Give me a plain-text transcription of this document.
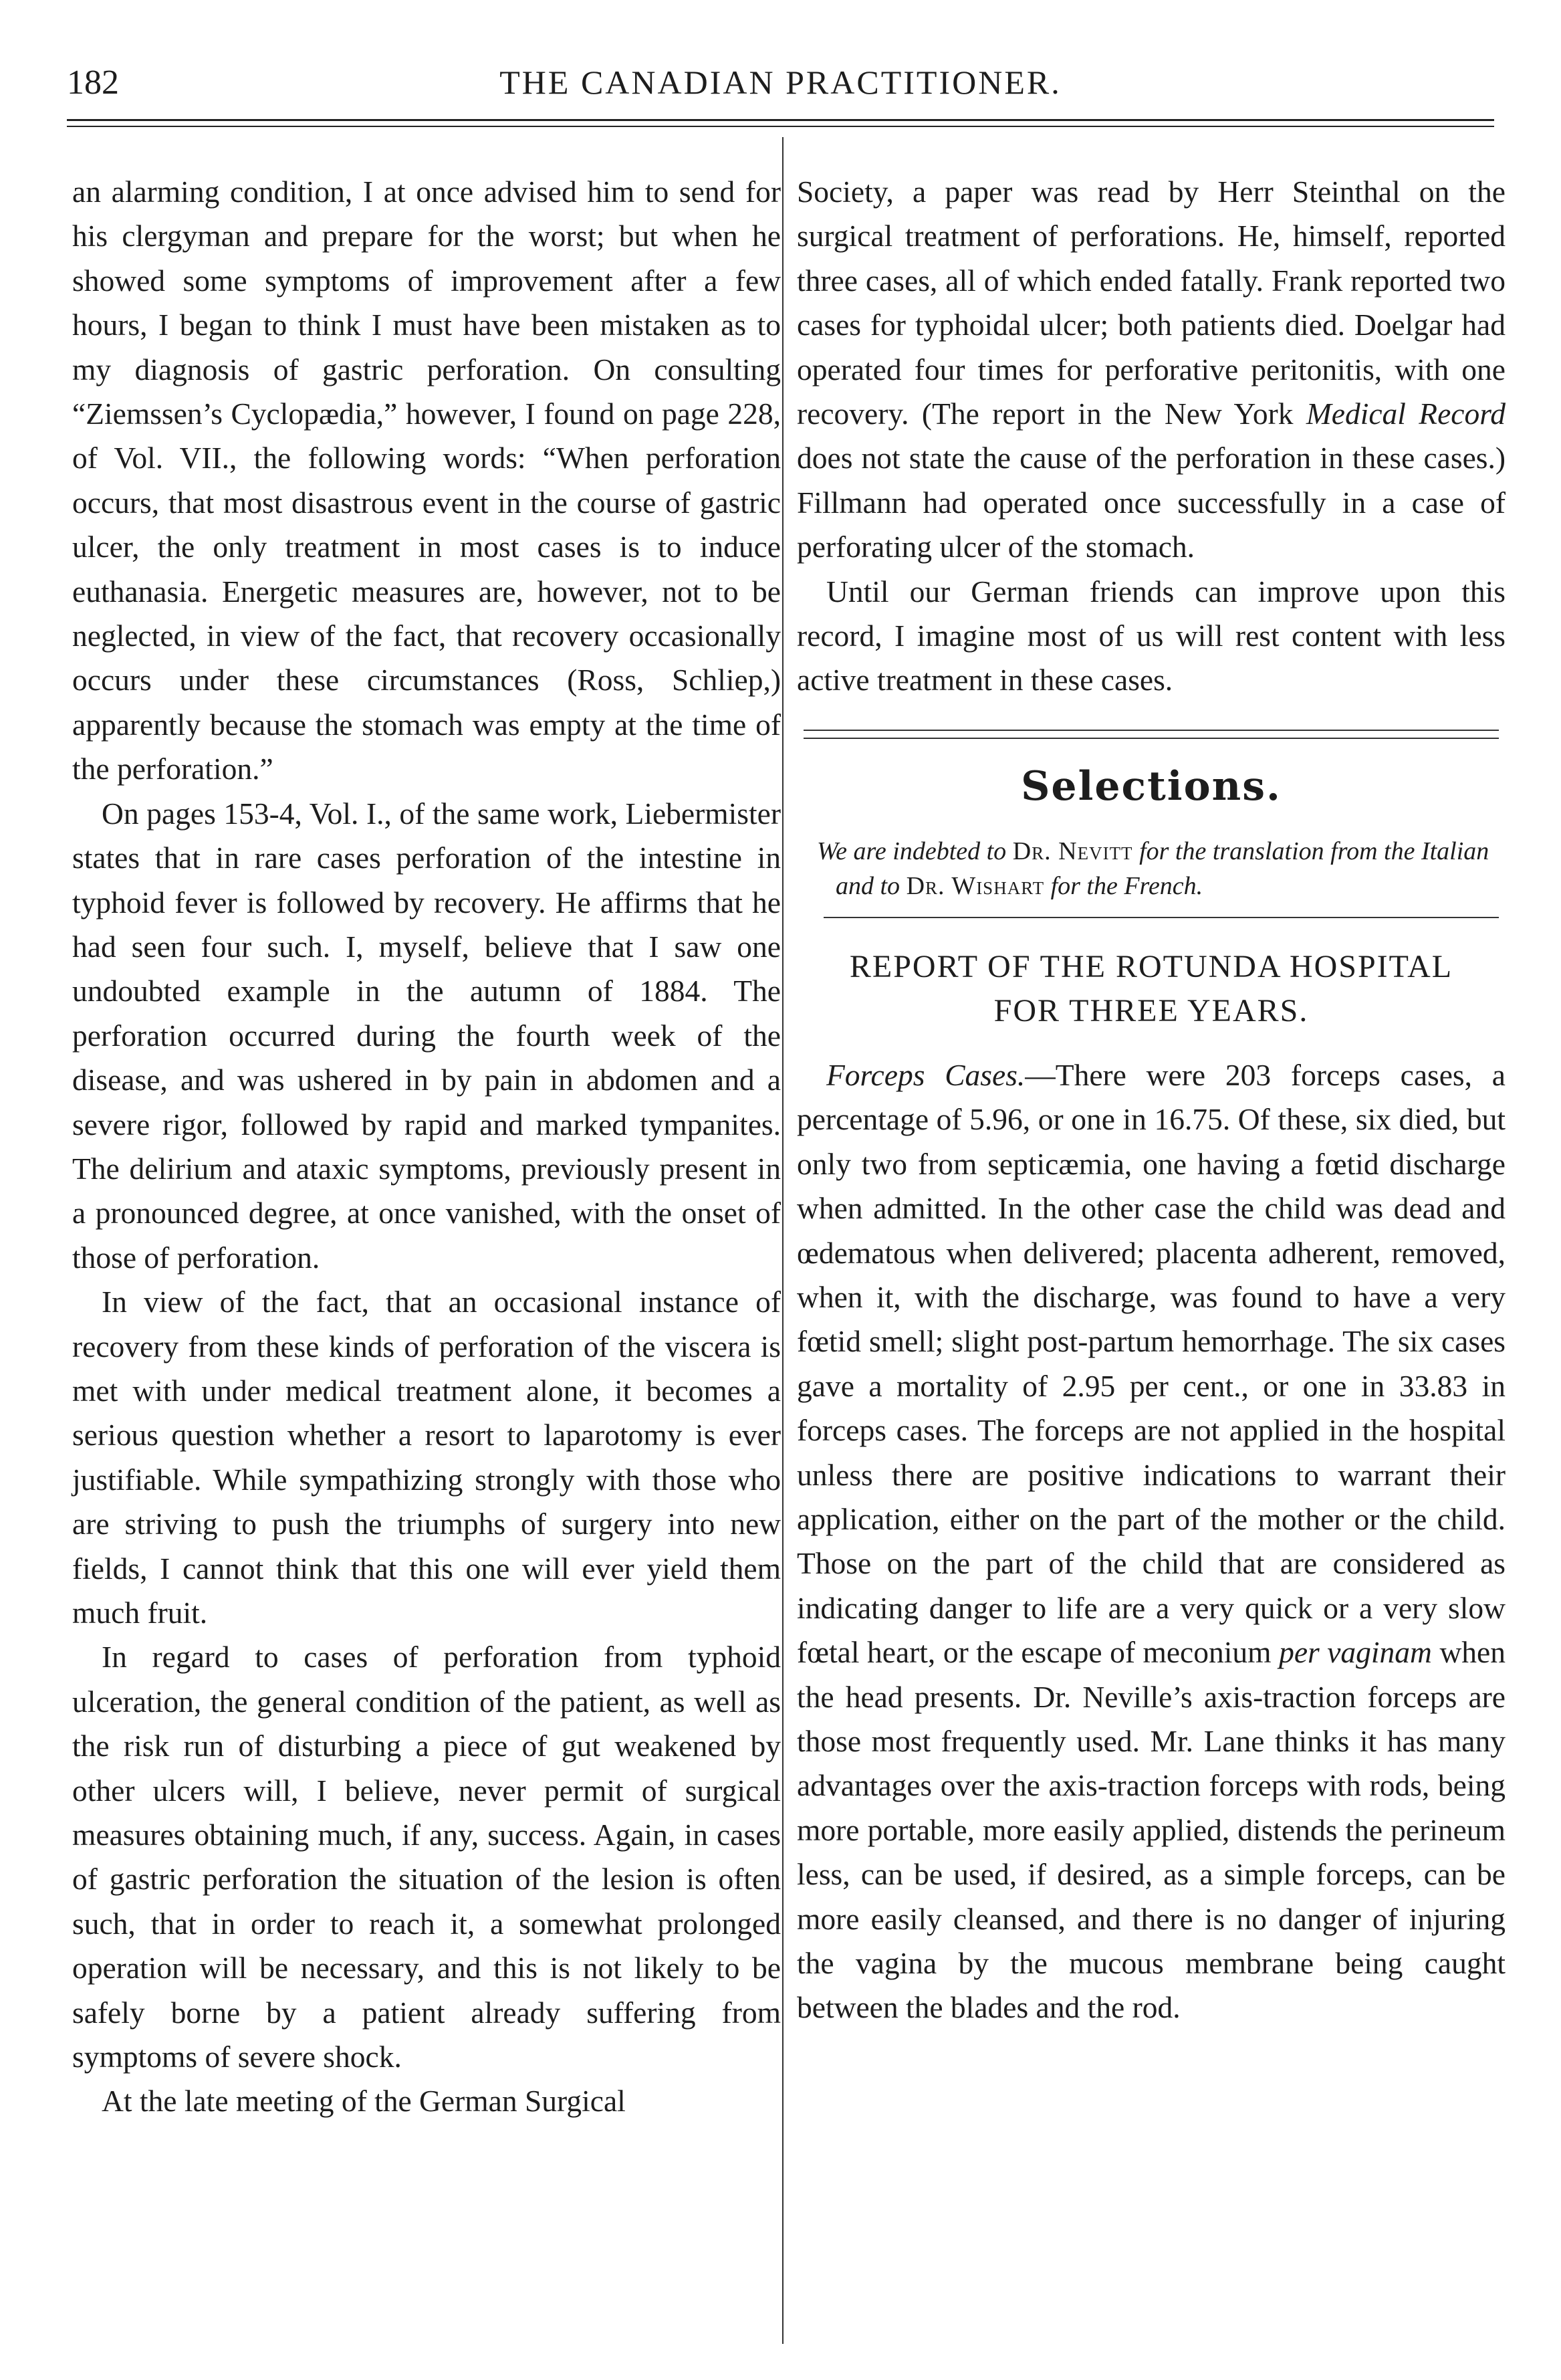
182	THE CANADIAN PRACTITIONER.

an alarming condition, I at once advised him to send for his clergyman and prepare for the worst; but when he showed some symptoms of improvement after a few hours, I began to think I must have been mistaken as to my diagnosis of gastric perforation. On consulting “Ziemssen’s Cyclopædia,” however, I found on page 228, of Vol. VII., the following words: “When perforation occurs, that most disastrous event in the course of gastric ulcer, the only treatment in most cases is to induce euthanasia. Energetic measures are, however, not to be neglected, in view of the fact, that recovery occasionally occurs under these circumstances (Ross, Schliep,) apparently because the stomach was empty at the time of the perforation.”

On pages 153-4, Vol. I., of the same work, Liebermister states that in rare cases perforation of the intestine in typhoid fever is followed by recovery. He affirms that he had seen four such. I, myself, believe that I saw one undoubted example in the autumn of 1884. The perforation occurred during the fourth week of the disease, and was ushered in by pain in abdomen and a severe rigor, followed by rapid and marked tympanites. The delirium and ataxic symptoms, previously present in a pronounced degree, at once vanished, with the onset of those of perforation.

In view of the fact, that an occasional instance of recovery from these kinds of perforation of the viscera is met with under medical treatment alone, it becomes a serious question whether a resort to laparotomy is ever justifiable. While sympathizing strongly with those who are striving to push the triumphs of surgery into new fields, I cannot think that this one will ever yield them much fruit.

In regard to cases of perforation from typhoid ulceration, the general condition of the patient, as well as the risk run of disturbing a piece of gut weakened by other ulcers will, I believe, never permit of surgical measures obtaining much, if any, success. Again, in cases of gastric perforation the situation of the lesion is often such, that in order to reach it, a somewhat prolonged operation will be necessary, and this is not likely to be safely borne by a patient already suffering from symptoms of severe shock.

At the late meeting of the German Surgical

Society, a paper was read by Herr Steinthal on the surgical treatment of perforations. He, himself, reported three cases, all of which ended fatally. Frank reported two cases for typhoidal ulcer; both patients died. Doelgar had operated four times for perforative peritonitis, with one recovery. (The report in the New York Medical Record does not state the cause of the perforation in these cases.) Fillmann had operated once successfully in a case of perforating ulcer of the stomach.

Until our German friends can improve upon this record, I imagine most of us will rest content with less active treatment in these cases.

Selections.
We are indebted to Dr. Nevitt for the translation from the Italian and to Dr. Wishart for the French.
REPORT OF THE ROTUNDA HOSPITAL
FOR THREE YEARS.

Forceps Cases.—There were 203 forceps cases, a percentage of 5.96, or one in 16.75. Of these, six died, but only two from septicæmia, one having a fœtid discharge when admitted. In the other case the child was dead and œdematous when delivered; placenta adherent, removed, when it, with the discharge, was found to have a very fœtid smell; slight post-partum hemorrhage. The six cases gave a mortality of 2.95 per cent., or one in 33.83 in forceps cases. The forceps are not applied in the hospital unless there are positive indications to warrant their application, either on the part of the mother or the child. Those on the part of the child that are considered as indicating danger to life are a very quick or a very slow fœtal heart, or the escape of meconium per vaginam when the head presents. Dr. Neville’s axis-traction forceps are those most frequently used. Mr. Lane thinks it has many advantages over the axis-traction forceps with rods, being more portable, more easily applied, distends the perineum less, can be used, if desired, as a simple forceps, can be more easily cleansed, and there is no danger of injuring the vagina by the mucous membrane being caught between the blades and the rod.
